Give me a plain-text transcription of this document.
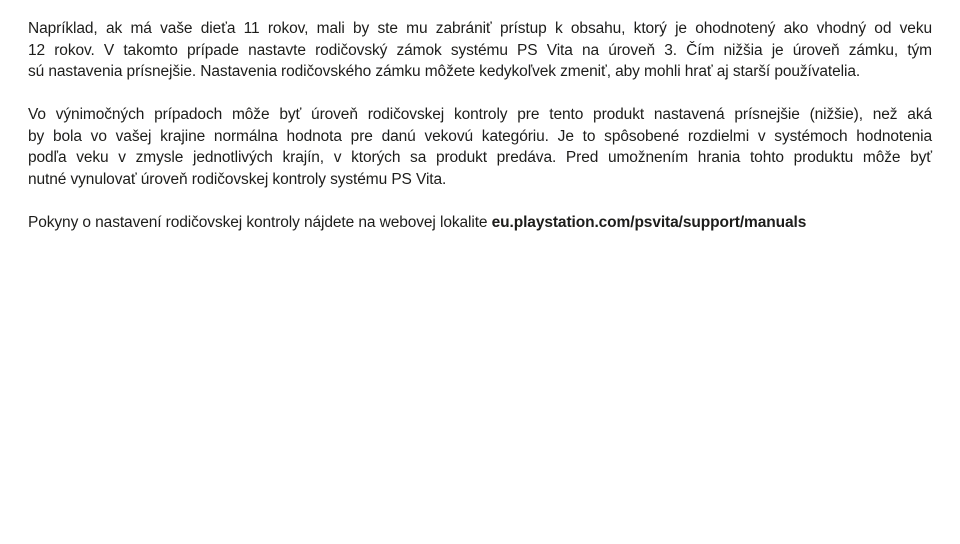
Napríklad, ak má vaše dieťa 11 rokov, mali by ste mu zabrániť prístup k obsahu, ktorý je ohodnotený ako vhodný od veku
12 rokov. V takomto prípade nastavte rodičovský zámok systému PS Vita na úroveň 3. Čím nižšia je úroveň zámku, tým
sú nastavenia prísnejšie. Nastavenia rodičovského zámku môžete kedykoľvek zmeniť, aby mohli hrať aj starší používatelia.
Vo výnimočných prípadoch môže byť úroveň rodičovskej kontroly pre tento produkt nastavená prísnejšie (nižšie), než aká
by bola vo vašej krajine normálna hodnota pre danú vekovú kategóriu. Je to spôsobené rozdielmi v systémoch hodnotenia
podľa veku v zmysle jednotlivých krajín, v ktorých sa produkt predáva. Pred umožnením hrania tohto produktu môže byť
nutné vynulovať úroveň rodičovskej kontroly systému PS Vita.
Pokyny o nastavení rodičovskej kontroly nájdete na webovej lokalite eu.playstation.com/psvita/support/manuals
